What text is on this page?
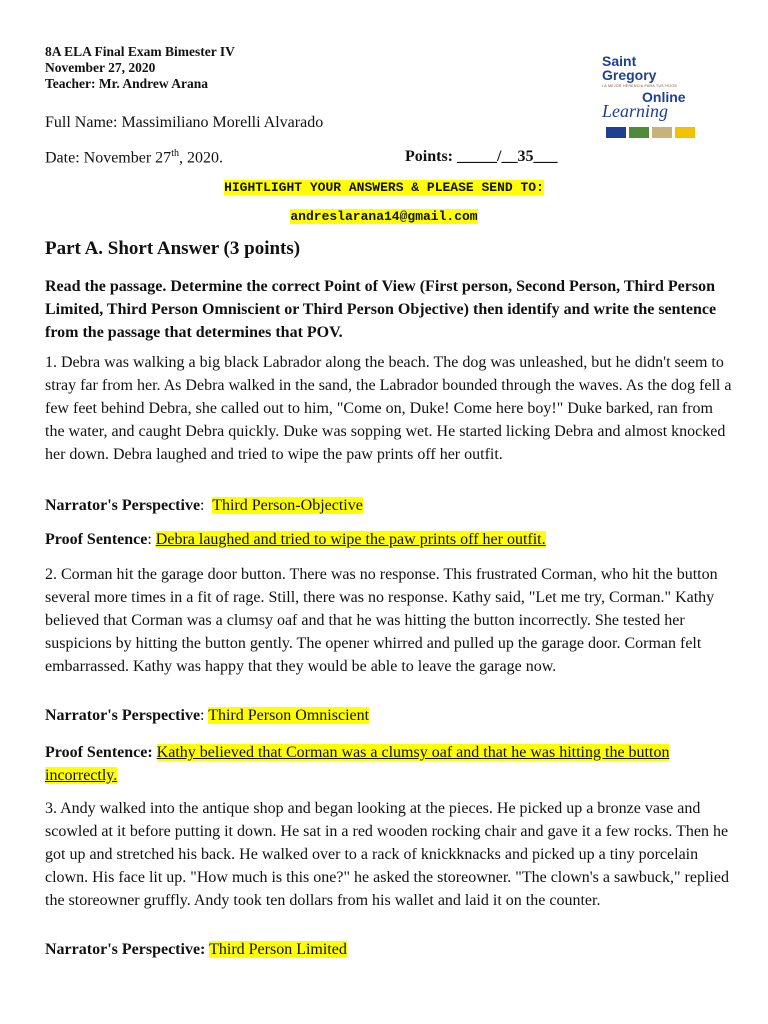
8A ELA Final Exam Bimester IV
November 27, 2020
Teacher: Mr. Andrew Arana
Saint
Gregory
LA MEJOR HERENCIA PARA TUS HIJOS
Online
Learning
Full Name: Massimiliano Morelli Alvarado
Date: November 27th, 2020.	Points: _____/__35___
HIGHTLIGHT YOUR ANSWERS & PLEASE SEND TO:
andreslarana14@gmail.com
Part A. Short Answer (3 points)
Read the passage. Determine the correct Point of View (First person, Second Person, Third Person Limited, Third Person Omniscient or Third Person Objective) then identify and write the sentence from the passage that determines that POV.
1. Debra was walking a big black Labrador along the beach. The dog was unleashed, but he didn't seem to stray far from her. As Debra walked in the sand, the Labrador bounded through the waves. As the dog fell a few feet behind Debra, she called out to him, "Come on, Duke! Come here boy!" Duke barked, ran from the water, and caught Debra quickly. Duke was sopping wet. He started licking Debra and almost knocked her down. Debra laughed and tried to wipe the paw prints off her outfit.
Narrator's Perspective:  Third Person-Objective
Proof Sentence: Debra laughed and tried to wipe the paw prints off her outfit.
2. Corman hit the garage door button. There was no response. This frustrated Corman, who hit the button several more times in a fit of rage. Still, there was no response. Kathy said, "Let me try, Corman." Kathy believed that Corman was a clumsy oaf and that he was hitting the button incorrectly. She tested her suspicions by hitting the button gently. The opener whirred and pulled up the garage door. Corman felt embarrassed. Kathy was happy that they would be able to leave the garage now.
Narrator's Perspective: Third Person Omniscient
Proof Sentence: Kathy believed that Corman was a clumsy oaf and that he was hitting the button incorrectly.
3. Andy walked into the antique shop and began looking at the pieces. He picked up a bronze vase and scowled at it before putting it down. He sat in a red wooden rocking chair and gave it a few rocks. Then he got up and stretched his back. He walked over to a rack of knickknacks and picked up a tiny porcelain clown. His face lit up. "How much is this one?" he asked the storeowner. "The clown's a sawbuck," replied the storeowner gruffly. Andy took ten dollars from his wallet and laid it on the counter.
Narrator's Perspective: Third Person Limited
